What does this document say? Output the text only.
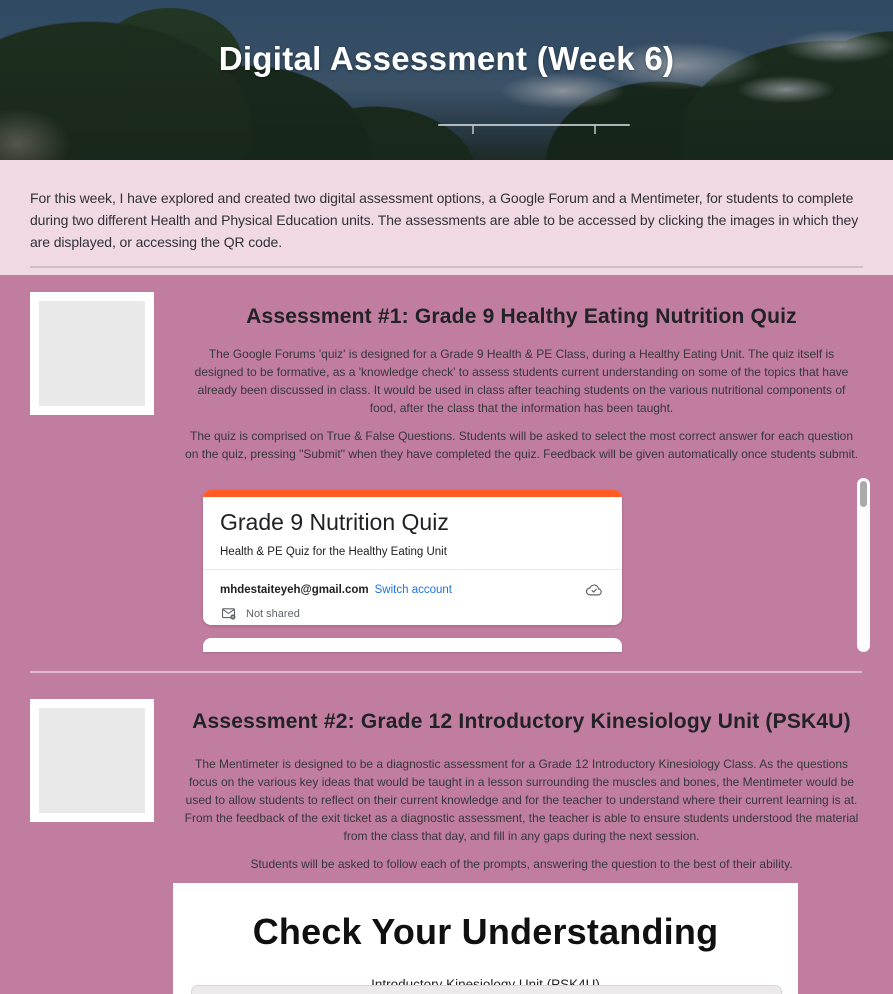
Digital Assessment (Week 6)
For this week, I have explored and created two digital assessment options, a Google Forum and a Mentimeter, for students to complete during two different Health and Physical Education units. The assessments are able to be accessed by clicking the images in which they are displayed, or accessing the QR code.
Assessment #1: Grade 9 Healthy Eating Nutrition Quiz

The Google Forums 'quiz' is designed for a Grade 9 Health & PE Class, during a Healthy Eating Unit. The quiz itself is designed to be formative, as a 'knowledge check' to assess students current understanding on some of the topics that have already been discussed in class. It would be used in class after teaching students on the various nutritional components of food, after the class that the information has been taught.

The quiz is comprised on True & False Questions. Students will be asked to select the most correct answer for each question on the quiz, pressing "Submit" when they have completed the quiz. Feedback will be given automatically once students submit.

Grade 9 Nutrition Quiz
Health & PE Quiz for the Healthy Eating Unit
mhdestaiteyeh@gmail.com Switch account
Not shared
Assessment #2: Grade 12 Introductory Kinesiology Unit (PSK4U)

The Mentimeter is designed to be a diagnostic assessment for a Grade 12 Introductory Kinesiology Class. As the questions focus on the various key ideas that would be taught in a lesson surrounding the muscles and bones, the Mentimeter would be used to allow students to reflect on their current knowledge and for the teacher to understand where their current learning is at. From the feedback of the exit ticket as a diagnostic assessment, the teacher is able to ensure students understood the material from the class that day, and fill in any gaps during the next session.

Students will be asked to follow each of the prompts, answering the question to the best of their ability.

Check Your Understanding
